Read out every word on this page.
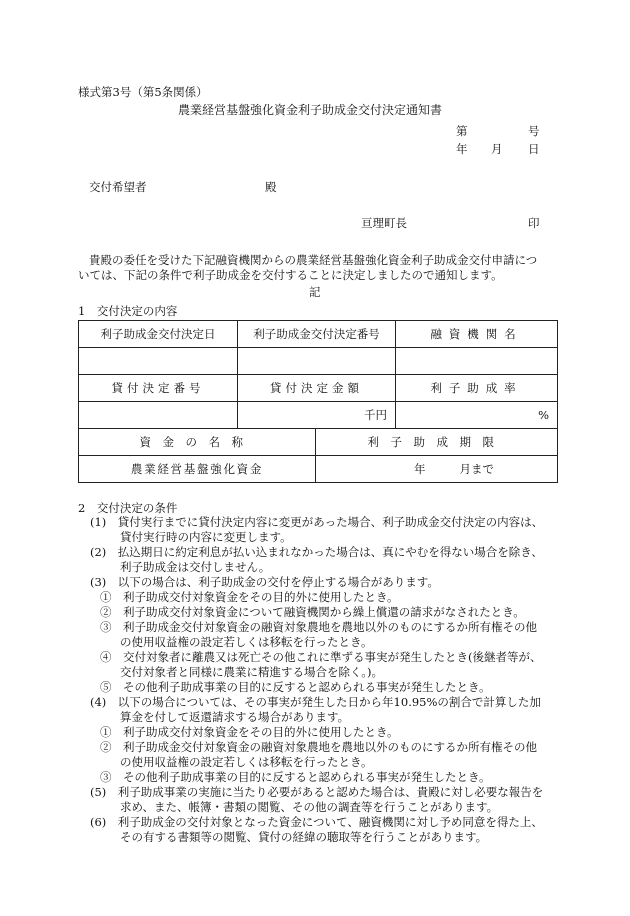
様式第3号（第5条関係）
農業経営基盤強化資金利子助成金交付決定通知書
第	号
年 月 日
交付希望者	殿
亘理町長	印
貴殿の委任を受けた下記融資機関からの農業経営基盤強化資金利子助成金交付申請につ
いては、下記の条件で利子助成金を交付することに決定しましたので通知します。
記
1　交付決定の内容
利子助成金交付決定日	利子助成金交付決定番号		融資機関名

貸付決定番号	貸付決定金額		利子助成率
	千円		%
資金の名称		利子助成期限	
農業経営基盤強化資金		年 月まで	
2　交付決定の条件
(1)　貸付実行までに貸付決定内容に変更があった場合、利子助成金交付決定の内容は、
貸付実行時の内容に変更します。
(2)　払込期日に約定利息が払い込まれなかった場合は、真にやむを得ない場合を除き、
利子助成金は交付しません。
(3)　以下の場合は、利子助成金の交付を停止する場合があります。
①　利子助成交付対象資金をその目的外に使用したとき。
②　利子助成交付対象資金について融資機関から繰上償還の請求がなされたとき。
③　利子助成金交付対象資金の融資対象農地を農地以外のものにするか所有権その他
の使用収益権の設定若しくは移転を行ったとき。
④　交付対象者に離農又は死亡その他これに準ずる事実が発生したとき(後継者等が、
交付対象者と同様に農業に精進する場合を除く。)。
⑤　その他利子助成事業の目的に反すると認められる事実が発生したとき。
(4)　以下の場合については、その事実が発生した日から年10.95%の割合で計算した加
算金を付して返還請求する場合があります。
①　利子助成交付対象資金をその目的外に使用したとき。
②　利子助成金交付対象資金の融資対象農地を農地以外のものにするか所有権その他
の使用収益権の設定若しくは移転を行ったとき。
③　その他利子助成事業の目的に反すると認められる事実が発生したとき。
(5)　利子助成事業の実施に当たり必要があると認めた場合は、貴殿に対し必要な報告を
求め、また、帳簿・書類の閲覧、その他の調査等を行うことがあります。
(6)　利子助成金の交付対象となった資金について、融資機関に対し予め同意を得た上、
その有する書類等の閲覧、貸付の経緯の聴取等を行うことがあります。
